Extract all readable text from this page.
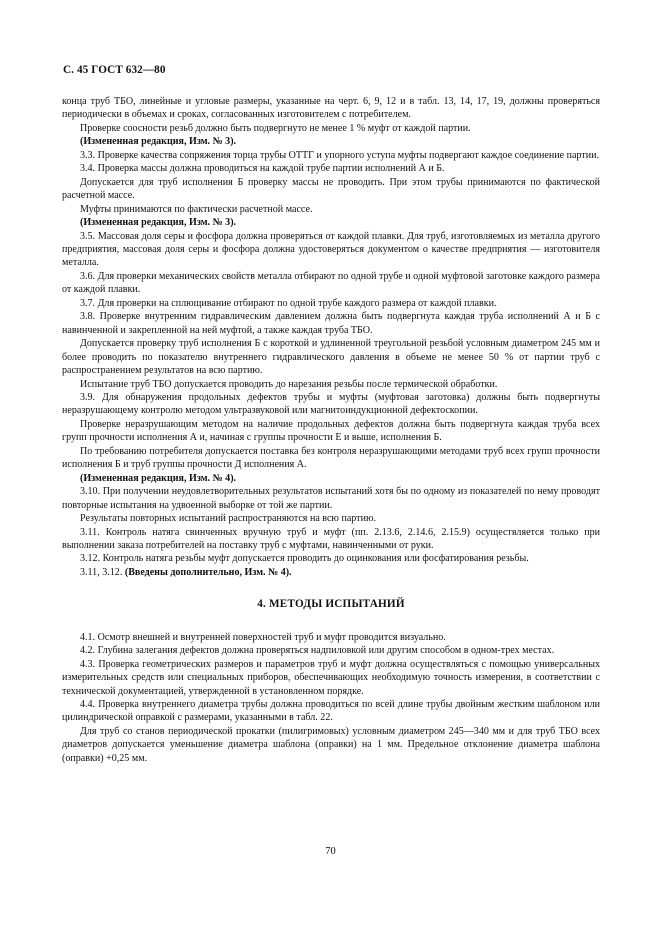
С. 45 ГОСТ 632—80

конца труб ТБО, линейные и угловые размеры, указанные на черт. 6, 9, 12 и в табл. 13, 14, 17, 19, должны проверяться периодически в объемах и сроках, согласованных изготовителем с потребителем.

Проверке соосности резьб должно быть подвергнуто не менее 1 % муфт от каждой партии.

(Измененная редакция, Изм. № 3).

3.3. Проверке качества сопряжения торца трубы ОТТГ и упорного уступа муфты подвергают каждое соединение партии.

3.4. Проверка массы должна проводиться на каждой трубе партии исполнений А и Б.

Допускается для труб исполнения Б проверку массы не проводить. При этом трубы принимаются по фактической расчетной массе.

Муфты принимаются по фактически расчетной массе.

(Измененная редакция, Изм. № 3).

3.5. Массовая доля серы и фосфора должна проверяться от каждой плавки. Для труб, изготовляемых из металла другого предприятия, массовая доля серы и фосфора должна удостоверяться документом о качестве предприятия — изготовителя металла.

3.6. Для проверки механических свойств металла отбирают по одной трубе и одной муфтовой заготовке каждого размера от каждой плавки.

3.7. Для проверки на сплющивание отбирают по одной трубе каждого размера от каждой плавки.

3.8. Проверке внутренним гидравлическим давлением должна быть подвергнута каждая труба исполнений А и Б с навинченной и закрепленной на ней муфтой, а также каждая труба ТБО.

Допускается проверку труб исполнения Б с короткой и удлиненной треугольной резьбой условным диаметром 245 мм и более проводить по показателю внутреннего гидравлического давления в объеме не менее 50 % от партии труб с распространением результатов на всю партию.

Испытание труб ТБО допускается проводить до нарезания резьбы после термической обработки.

3.9. Для обнаружения продольных дефектов трубы и муфты (муфтовая заготовка) должны быть подвергнуты неразрушающему контролю методом ультразвуковой или магнитоиндукционной дефектоскопии.

Проверке неразрушающим методом на наличие продольных дефектов должна быть подвергнута каждая труба всех групп прочности исполнения А и, начиная с группы прочности Е и выше, исполнения Б.

По требованию потребителя допускается поставка без контроля неразрушающими методами труб всех групп прочности исполнения Б и труб группы прочности Д исполнения А.

(Измененная редакция, Изм. № 4).

3.10. При получении неудовлетворительных результатов испытаний хотя бы по одному из показателей по нему проводят повторные испытания на удвоенной выборке от той же партии.

Результаты повторных испытаний распространяются на всю партию.

3.11. Контроль натяга свинченных вручную труб и муфт (пп. 2.13.6, 2.14.6, 2.15.9) осуществляется только при выполнении заказа потребителей на поставку труб с муфтами, навинченными от руки.

3.12. Контроль натяга резьбы муфт допускается проводить до оцинкования или фосфатирования резьбы.

3.11, 3.12. (Введены дополнительно, Изм. № 4).

4. МЕТОДЫ ИСПЫТАНИЙ

4.1. Осмотр внешней и внутренней поверхностей труб и муфт проводится визуально.

4.2. Глубина залегания дефектов должна проверяться надпиловкой или другим способом в одном-трех местах.

4.3. Проверка геометрических размеров и параметров труб и муфт должна осуществляться с помощью универсальных измерительных средств или специальных приборов, обеспечивающих необходимую точность измерения, в соответствии с технической документацией, утвержденной в установленном порядке.

4.4. Проверка внутреннего диаметра трубы должна проводиться по всей длине трубы двойным жестким шаблоном или цилиндрической оправкой с размерами, указанными в табл. 22.

Для труб со станов периодической прокатки (пилигримовых) условным диаметром 245—340 мм и для труб ТБО всех диаметров допускается уменьшение диаметра шаблона (оправки) на 1 мм. Предельное отклонение диаметра шаблона (оправки) +0,25 мм.

70
